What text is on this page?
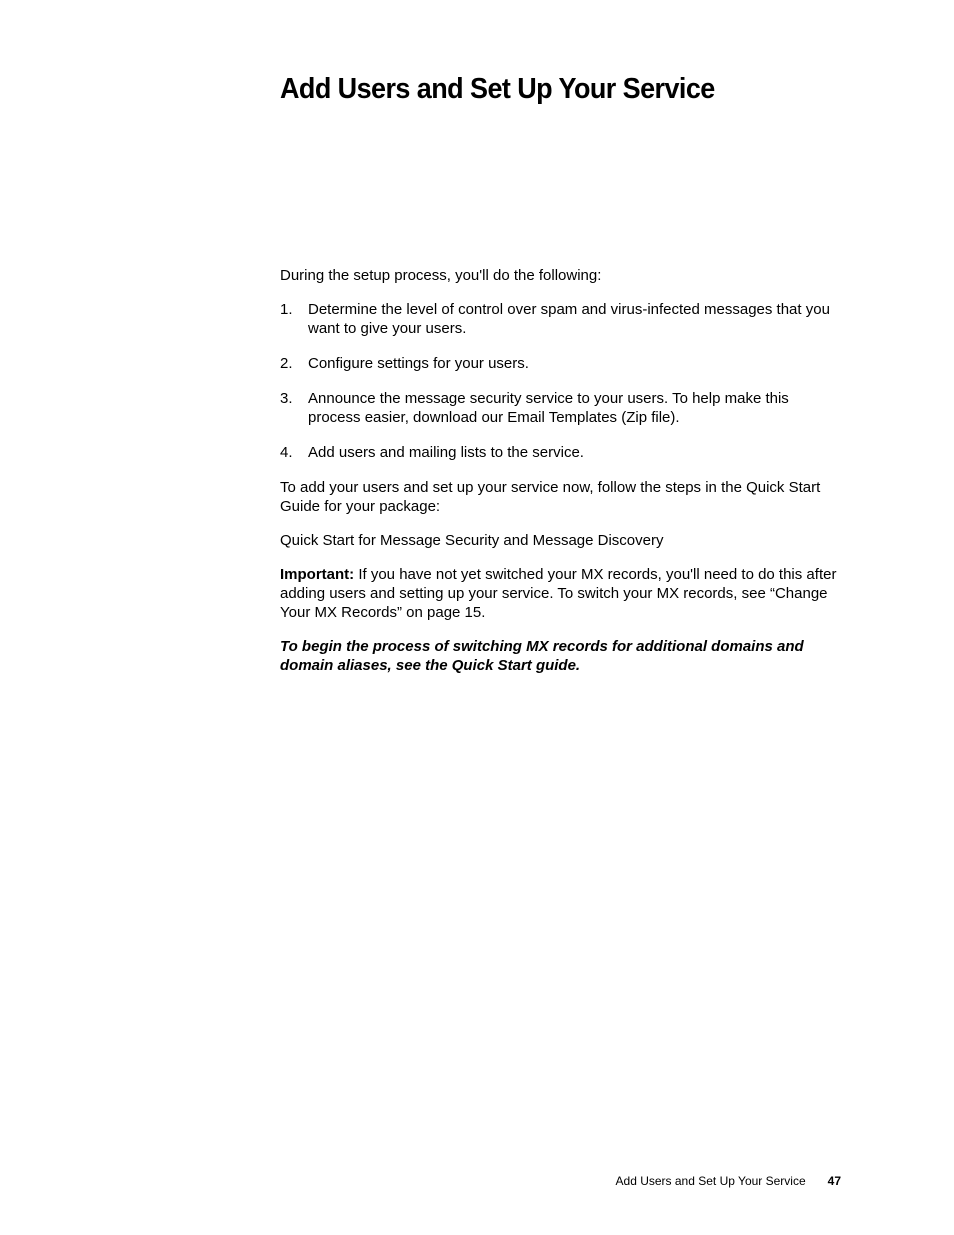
Add Users and Set Up Your Service

During the setup process, you'll do the following:

1.	Determine the level of control over spam and virus-infected messages that you want to give your users.
2.	Configure settings for your users.
3.	Announce the message security service to your users. To help make this process easier, download our Email Templates (Zip file).
4.	Add users and mailing lists to the service.

To add your users and set up your service now, follow the steps in the Quick Start Guide for your package:

Quick Start for Message Security and Message Discovery

Important: If you have not yet switched your MX records, you'll need to do this after adding users and setting up your service. To switch your MX records, see “Change Your MX Records” on page 15.

To begin the process of switching MX records for additional domains and domain aliases, see the Quick Start guide.

Add Users and Set Up Your Service 47
